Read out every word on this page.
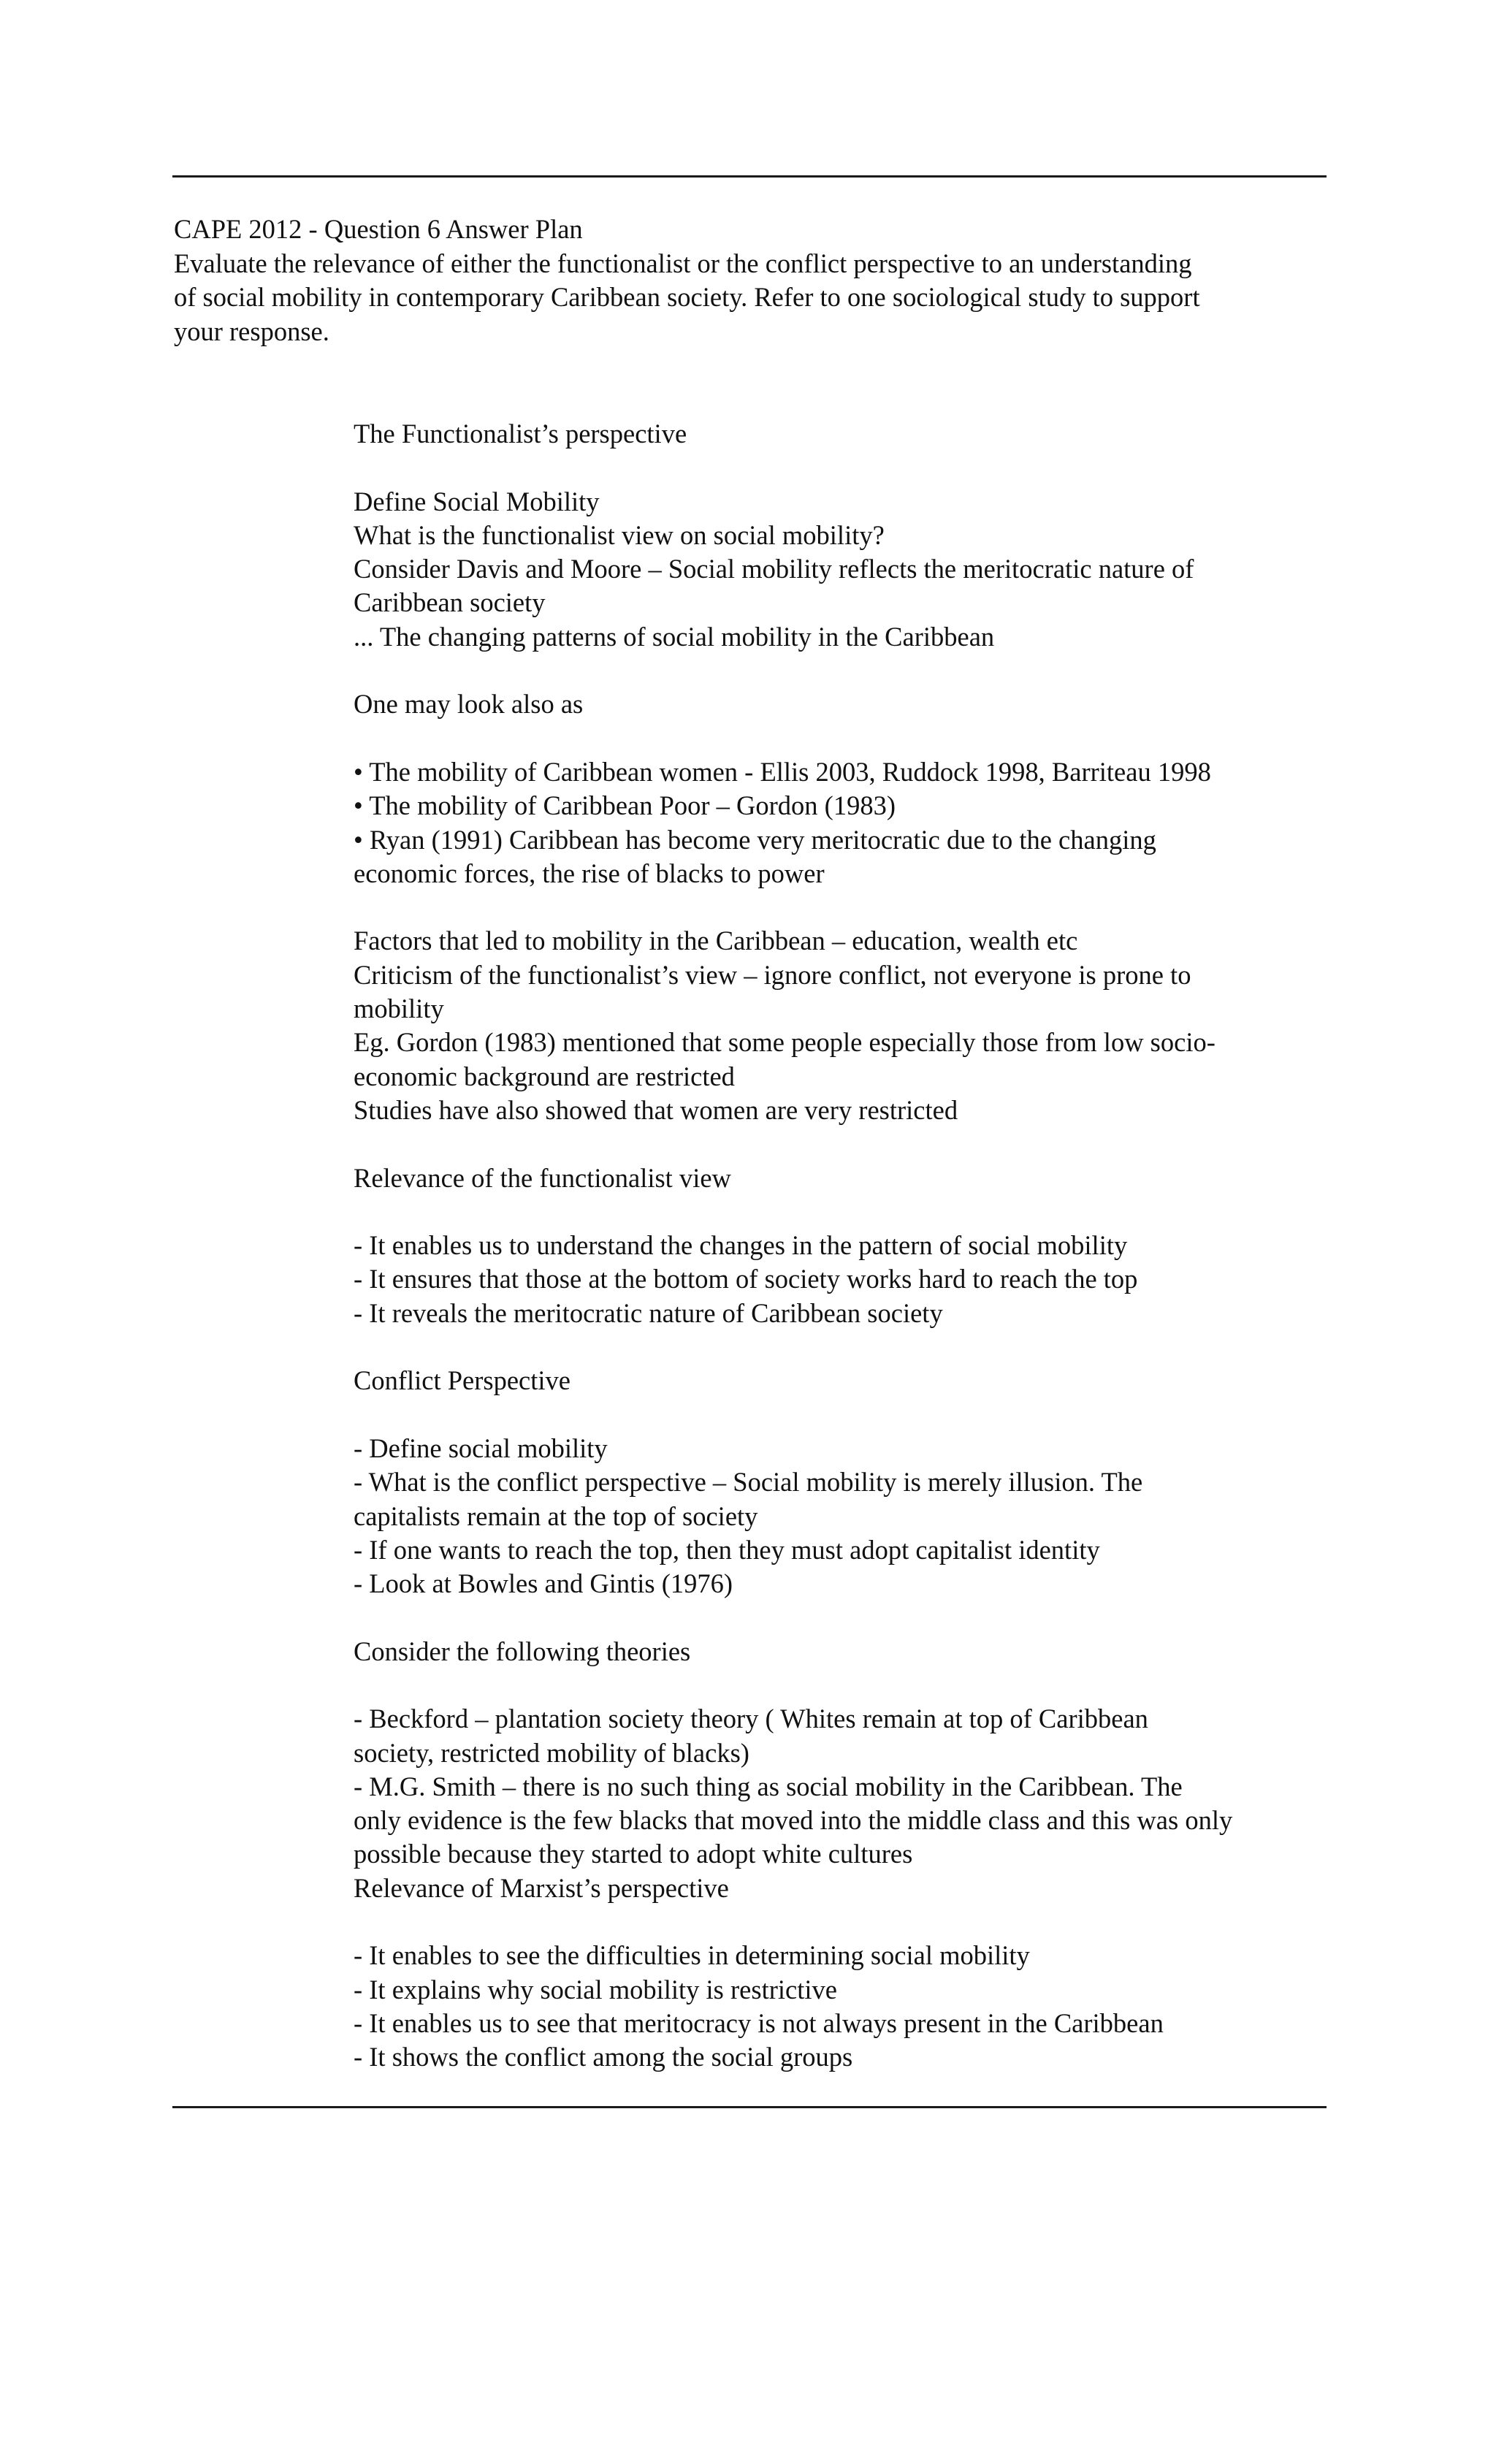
CAPE 2012 - Question 6 Answer Plan

Evaluate the relevance of either the functionalist or the conflict perspective to an understanding

of social mobility in contemporary Caribbean society. Refer to one sociological study to support

your response.

The Functionalist’s perspective

Define Social Mobility

What is the functionalist view on social mobility?

Consider Davis and Moore – Social mobility reflects the meritocratic nature of

Caribbean society

... The changing patterns of social mobility in the Caribbean

One may look also as

• The mobility of Caribbean women - Ellis 2003, Ruddock 1998, Barriteau 1998

• The mobility of Caribbean Poor – Gordon (1983)

• Ryan (1991) Caribbean has become very meritocratic due to the changing

economic forces, the rise of blacks to power

Factors that led to mobility in the Caribbean – education, wealth etc

Criticism of the functionalist’s view – ignore conflict, not everyone is prone to

mobility

Eg. Gordon (1983) mentioned that some people especially those from low socio-

economic background are restricted

Studies have also showed that women are very restricted

Relevance of the functionalist view

- It enables us to understand the changes in the pattern of social mobility

- It ensures that those at the bottom of society works hard to reach the top

- It reveals the meritocratic nature of Caribbean society

Conflict Perspective

- Define social mobility

- What is the conflict perspective – Social mobility is merely illusion. The

capitalists remain at the top of society

- If one wants to reach the top, then they must adopt capitalist identity

- Look at Bowles and Gintis (1976)

Consider the following theories

- Beckford – plantation society theory ( Whites remain at top of Caribbean

society, restricted mobility of blacks)

- M.G. Smith – there is no such thing as social mobility in the Caribbean. The

only evidence is the few blacks that moved into the middle class and this was only

possible because they started to adopt white cultures

Relevance of Marxist’s perspective

- It enables to see the difficulties in determining social mobility

- It explains why social mobility is restrictive

- It enables us to see that meritocracy is not always present in the Caribbean

- It shows the conflict among the social groups
